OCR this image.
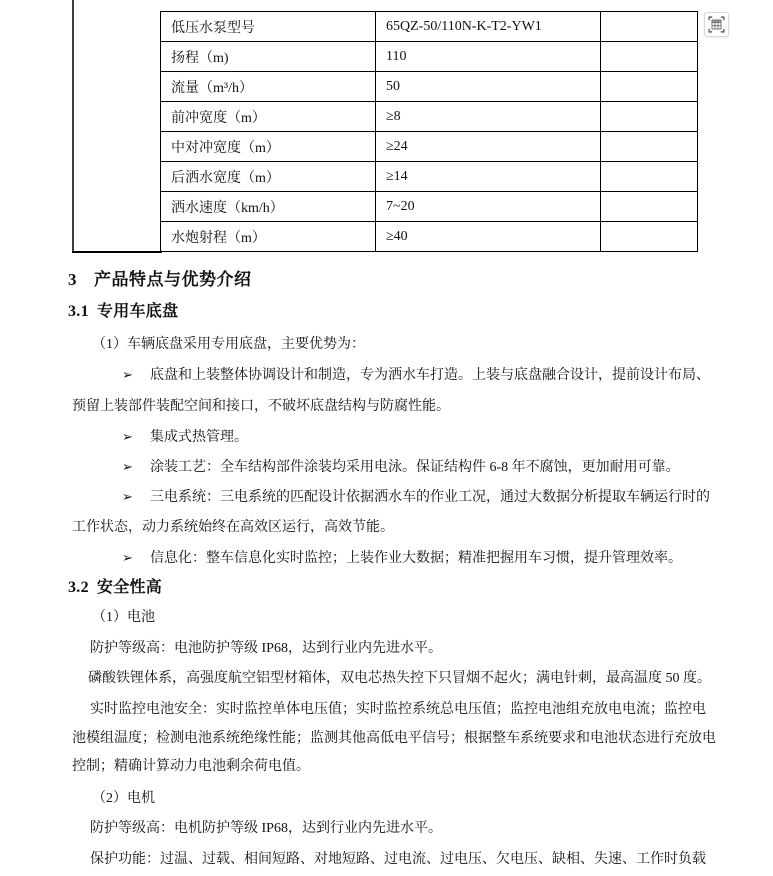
低压水泵型号	65QZ-50/110N-K-T2-YW1	
扬程（m)	110	
流量（m³/h）	50	
前冲宽度（m）	≥8	
中对冲宽度（m）	≥24	
后洒水宽度（m）	≥14	
洒水速度（km/h）	7~20	
水炮射程（m）	≥40	
3 产品特点与优势介绍
3.1 专用车底盘
（1）车辆底盘采用专用底盘，主要优势为：
➢ 底盘和上装整体协调设计和制造，专为洒水车打造。上装与底盘融合设计，提前设计布局、
预留上装部件装配空间和接口，不破坏底盘结构与防腐性能。
➢ 集成式热管理。
➢ 涂装工艺：全车结构部件涂装均采用电泳。保证结构件 6-8 年不腐蚀，更加耐用可靠。
➢ 三电系统：三电系统的匹配设计依据洒水车的作业工况，通过大数据分析提取车辆运行时的
工作状态，动力系统始终在高效区运行，高效节能。
➢ 信息化：整车信息化实时监控；上装作业大数据；精准把握用车习惯，提升管理效率。
3.2 安全性高
（1）电池
防护等级高：电池防护等级 IP68，达到行业内先进水平。
磷酸铁锂体系，高强度航空铝型材箱体，双电芯热失控下只冒烟不起火；满电针刺，最高温度 50 度。
实时监控电池安全：实时监控单体电压值；实时监控系统总电压值；监控电池组充放电电流；监控电
池模组温度；检测电池系统绝缘性能；监测其他高低电平信号；根据整车系统要求和电池状态进行充放电
控制；精确计算动力电池剩余荷电值。
（2）电机
防护等级高：电机防护等级 IP68，达到行业内先进水平。
保护功能：过温、过载、相间短路、对地短路、过电流、过电压、欠电压、缺相、失速、工作时负载
